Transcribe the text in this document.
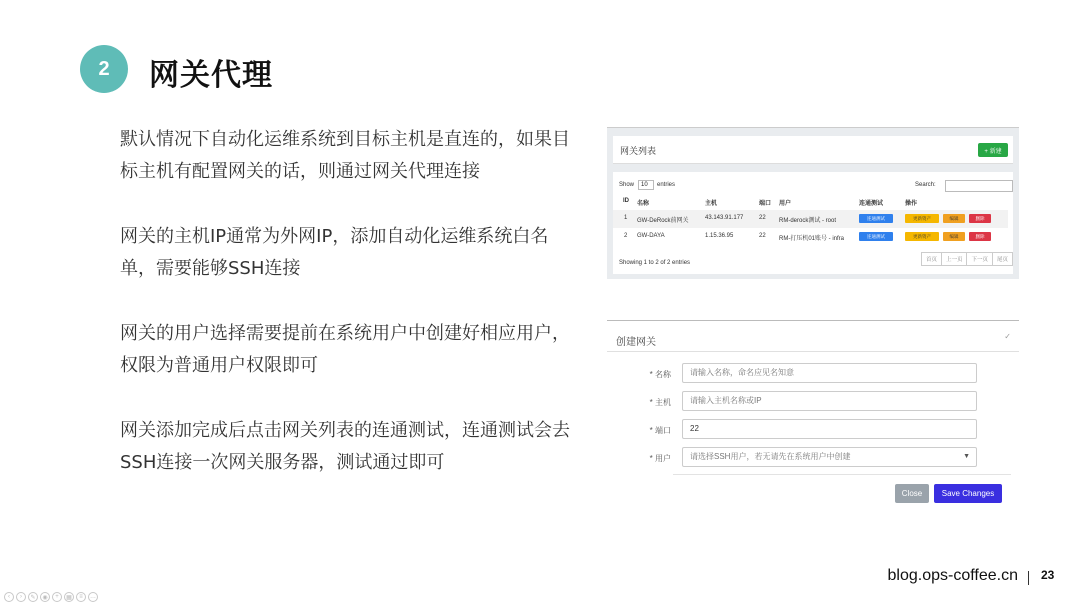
2 网关代理
默认情况下自动化运维系统到目标主机是直连的，如果目标主机有配置网关的话，则通过网关代理连接
网关的主机IP通常为外网IP，添加自动化运维系统白名单，需要能够SSH连接
网关的用户选择需要提前在系统用户中创建好相应用户，权限为普通用户权限即可
网关添加完成后点击网关列表的连通测试，连通测试会去SSH连接一次网关服务器，测试通过即可
网关列表	+ 新建
Show	10	entries	Search:
ID 名称	主机	端口 用户	连通测试	操作
1 GW-DeRock前网关	43.143.91.177	22 RM-derock测试 - root	连通测试	更新资产	编辑	删除
2 GW-DAYA	1.15.36.95	22 RM-打压机01账号 - infra	连通测试	更新资产	编辑	删除
Showing 1 to 2 of 2 entries	首页	上一页	下一页	尾页
创建网关
✓
* 名称	请输入名称，命名应见名知意
* 主机	请输入主机名称或IP
* 端口	22
* 用户	请选择SSH用户，若无请先在系统用户中创建	▼
Close	Save Changes
blog.ops-coffee.cn 23
‹	›	✎	◉	+	▦	≡	…
